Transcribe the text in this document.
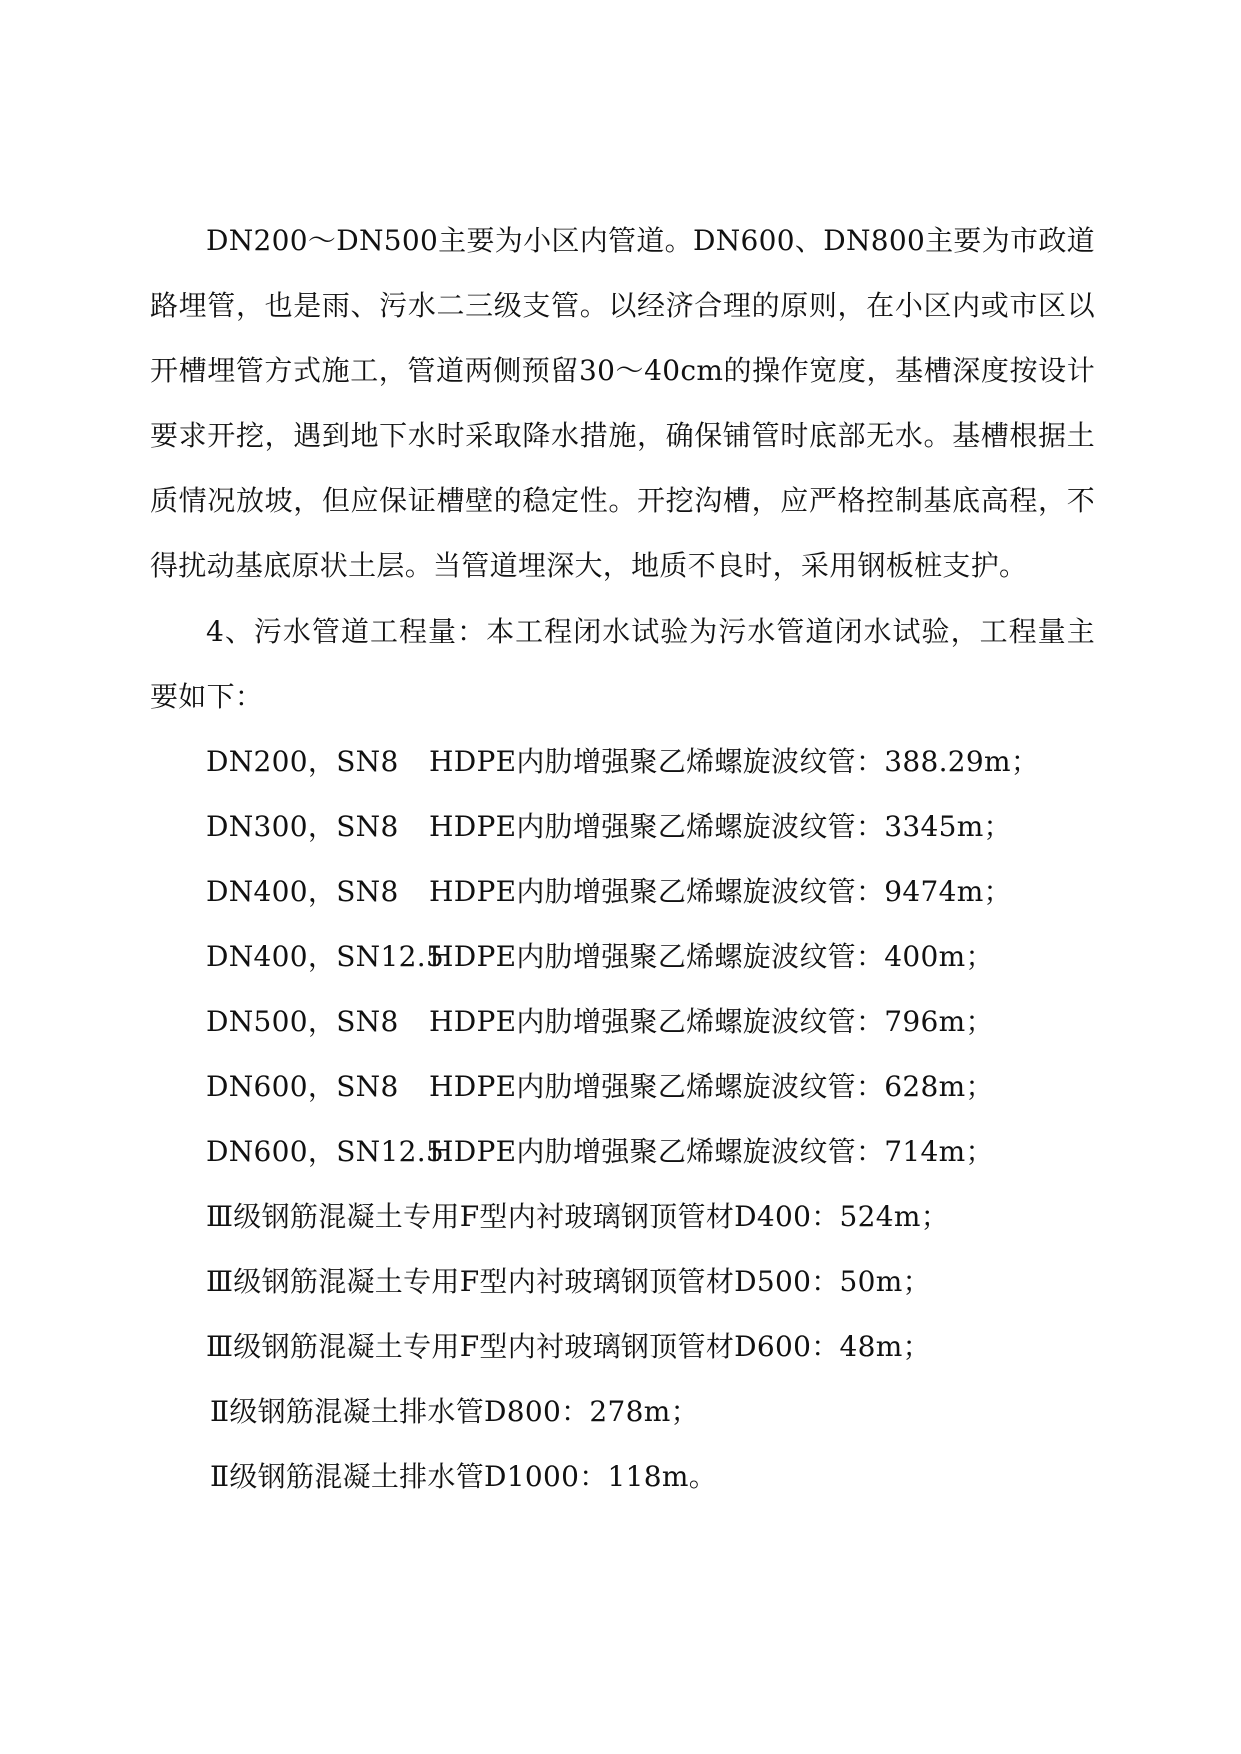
DN200～DN500主要为小区内管道。DN600、DN800主要为市政道路埋管，也是雨、污水二三级支管。以经济合理的原则，在小区内或市区以开槽埋管方式施工，管道两侧预留30～40cm的操作宽度，基槽深度按设计要求开挖，遇到地下水时采取降水措施，确保铺管时底部无水。基槽根据土质情况放坡，但应保证槽壁的稳定性。开挖沟槽，应严格控制基底高程，不得扰动基底原状土层。当管道埋深大，地质不良时，采用钢板桩支护。

4、污水管道工程量：本工程闭水试验为污水管道闭水试验，工程量主要如下：

DN200，SN8 HDPE内肋增强聚乙烯螺旋波纹管：388.29m；
DN300，SN8 HDPE内肋增强聚乙烯螺旋波纹管：3345m；
DN400，SN8 HDPE内肋增强聚乙烯螺旋波纹管：9474m；
DN400，SN12.5HDPE内肋增强聚乙烯螺旋波纹管：400m；
DN500，SN8 HDPE内肋增强聚乙烯螺旋波纹管：796m；
DN600，SN8 HDPE内肋增强聚乙烯螺旋波纹管：628m；
DN600，SN12.5HDPE内肋增强聚乙烯螺旋波纹管：714m；
Ⅲ级钢筋混凝土专用F型内衬玻璃钢顶管材D400：524m；
Ⅲ级钢筋混凝土专用F型内衬玻璃钢顶管材D500：50m；
Ⅲ级钢筋混凝土专用F型内衬玻璃钢顶管材D600：48m；
Ⅱ级钢筋混凝土排水管D800：278m；
Ⅱ级钢筋混凝土排水管D1000：118m。
